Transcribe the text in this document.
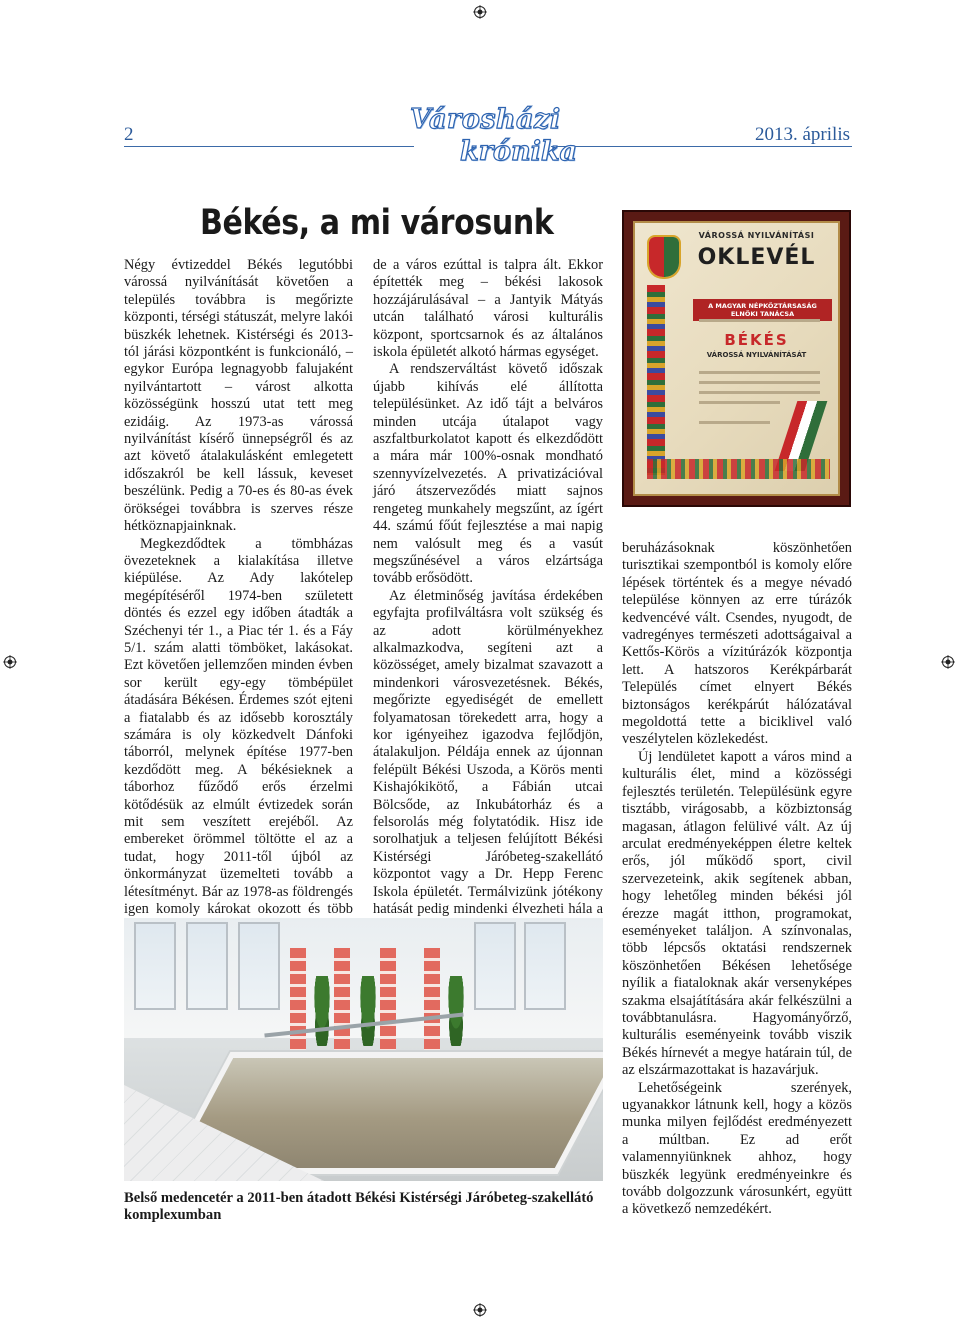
2	Városházi
krónika
2013. április
Békés, a mi városunk

Négy évtizeddel Békés legutóbbi várossá nyilvánítását követően a település továbbra is megőrizte központi, térségi státuszát, melyre lakói büszkék lehetnek. Kistérségi és 2013-tól járási központként is funkcionáló, – egykor Európa legnagyobb falujaként nyilvántartott – várost alkotta közösségünk hosszú utat tett meg ezidáig. Az 1973-as várossá nyilvánítást kísérő ünnepségről és az azt követő átalakulásként emlegetett időszakról be kell lássuk, keveset beszélünk. Pedig a 70-es és 80-as évek örökségei továbbra is szerves része hétköznapjainknak.

Megkezdődtek a tömbházas övezeteknek a kialakítása illetve kiépülése. Az Ady lakótelep megépítéséről 1974-ben született döntés és ezzel egy időben átadták a Széchenyi tér 1., a Piac tér 1. és a Fáy 5/1. szám alatti tömböket, lakásokat. Ezt követően jellemzően minden évben sor került egy-egy tömbépület átadására Békésen. Érdemes szót ejteni a fiatalabb és az idősebb korosztály számára is oly közkedvelt Dánfoki táborról, melynek építése 1977-ben kezdődött meg. A békésieknek a táborhoz fűződő erős érzelmi kötődésük az elmúlt évtizedek során mit sem veszített erejéből. Az embereket örömmel töltötte el az a tudat, hogy 2011-től újból az önkormányzat üzemelteti tovább a létesítményt. Bár az 1978-as földrengés igen komoly károkat okozott és több

de a város ezúttal is talpra ált. Ekkor építették meg – békési lakosok hozzájárulásával – a Jantyik Mátyás utcán található városi kulturális központ, sportcsarnok és az általános iskola épületét alkotó hármas egységet.

A rendszerváltást követő időszak újabb kihívás elé állította településünket. Az idő tájt a belváros minden utcája útalapot vagy aszfaltburkolatot kapott és elkezdődött a mára már 100%-osnak mondható szennyvízelvezetés. A privatizációval járó átszerveződés miatt sajnos rengeteg munkahely megszűnt, az ígért 44. számú főút fejlesztése a mai napig nem valósult meg és a vasút megszűnésével a város elzártsága tovább erősödött.

Az életminőség javítása érdekében egyfajta profilváltásra volt szükség és az adott körülményekhez alkalmazkodva, segíteni azt a közösséget, amely bizalmat szavazott a mindenkori városvezetésnek. Békés, megőrizte egyediségét de emellett folyamatosan törekedett arra, hogy a kor igényeihez igazodva fejlődjön, átalakuljon. Példája ennek az újonnan felépült Békési Uszoda, a Körös menti Kishajókikötő, a Fábián utcai Bölcsőde, az Inkubátorház és a felsorolás még folytatódik. Hisz ide sorolhatjuk a teljesen felújított Békési Kistérségi Járóbeteg-szakellátó központot vagy a Dr. Hepp Ferenc Iskola épületét. Termálvizünk jótékony hatását pedig mindenki élvezheti hála a

VÁROSSÁ NYILVÁNÍTÁSI
OKLEVÉL
A MAGYAR NÉPKÖZTÁRSASÁG ELNÖKI TANÁCSA
BÉKÉS
VÁROSSÁ NYILVÁNÍTÁSÁT

beruházásoknak köszönhetően turisztikai szempontból is komoly előre lépések történtek és a megye névadó települése könnyen az erre túrázók kedvencévé vált. Csendes, nyugodt, de vadregényes természeti adottságaival a Kettős-Körös a vízitúrázók központja lett. A hatszoros Kerékpárbarát Település címet elnyert Békés biztonságos kerékpárút hálózatával megoldottá tette a biciklivel való veszélytelen közlekedést.

Új lendületet kapott a város mind a kulturális élet, mind a közösségi fejlesztés területén. Településünk egyre tisztább, virágosabb, a közbiztonság magasan, átlagon felülivé vált. Az új arculat eredményeképpen életre keltek erős, jól működő sport, civil szervezeteink, akik segítenek abban, hogy lehetőleg minden békési jól érezze magát itthon, programokat, eseményeket találjon. A színvonalas, több lépcsős oktatási rendszernek köszönhetően Békésen lehetősége nyílik a fiataloknak akár versenyképes szakma elsajátítására akár felkészülni a továbbtanulásra. Hagyományőrző, kulturális eseményeink tovább viszik Békés hírnevét a megye határain túl, de az elszármazottakat is hazavárjuk.

Lehetőségeink szerények, ugyanakkor látnunk kell, hogy a közös munka milyen fejlődést eredményezett a múltban. Ez ad erőt valamennyiünknek ahhoz, hogy büszkék legyünk eredményeinkre és tovább dolgozzunk városunkért, együtt a következő nemzedékért.

Belső medencetér a 2011-ben átadott Békési Kistérségi Járóbeteg-szakellátó komplexumban
